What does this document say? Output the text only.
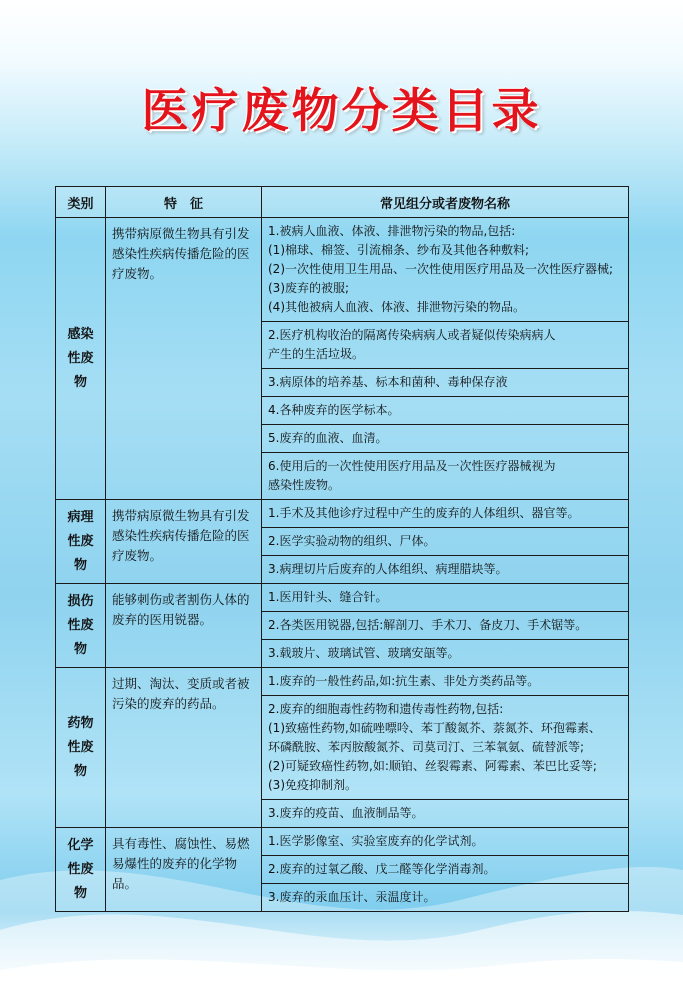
医疗废物分类目录
类别	特　征	常见组分或者废物名称
感染性废物	携带病原微生物具有引发感染性疾病传播危险的医疗废物。	1.被病人血液、体液、排泄物污染的物品,包括:
(1)棉球、棉签、引流棉条、纱布及其他各种敷料;
(2)一次性使用卫生用品、一次性使用医疗用品及一次性医疗器械;
(3)废弃的被服;
(4)其他被病人血液、体液、排泄物污染的物品。

		2.医疗机构收治的隔离传染病病人或者疑似传染病病人
产生的生活垃圾。

		3.病原体的培养基、标本和菌种、毒种保存液

		4.各种废弃的医学标本。

		5.废弃的血液、血清。

		6.使用后的一次性使用医疗用品及一次性医疗器械视为
感染性废物。

病理性废物	携带病原微生物具有引发感染性疾病传播危险的医疗废物。	1.手术及其他诊疗过程中产生的废弃的人体组织、器官等。

		2.医学实验动物的组织、尸体。

		3.病理切片后废弃的人体组织、病理腊块等。

损伤性废物	能够刺伤或者割伤人体的废弃的医用锐器。	1.医用针头、缝合针。

		2.各类医用锐器,包括:解剖刀、手术刀、备皮刀、手术锯等。

		3.载玻片、玻璃试管、玻璃安瓿等。

药物性废物	过期、淘汰、变质或者被污染的废弃的药品。	1.废弃的一般性药品,如:抗生素、非处方类药品等。

		2.废弃的细胞毒性药物和遗传毒性药物,包括:
(1)致癌性药物,如硫唑嘌呤、苯丁酸氮芥、萘氮芥、环孢霉素、
环磷酰胺、苯丙胺酸氮芥、司莫司汀、三苯氧氨、硫替派等;
(2)可疑致癌性药物,如:顺铂、丝裂霉素、阿霉素、苯巴比妥等;
(3)免疫抑制剂。

		3.废弃的疫苗、血液制品等。

化学性废物	具有毒性、腐蚀性、易燃易爆性的废弃的化学物品。	1.医学影像室、实验室废弃的化学试剂。

		2.废弃的过氧乙酸、戊二醛等化学消毒剂。

		3.废弃的汞血压计、汞温度计。
